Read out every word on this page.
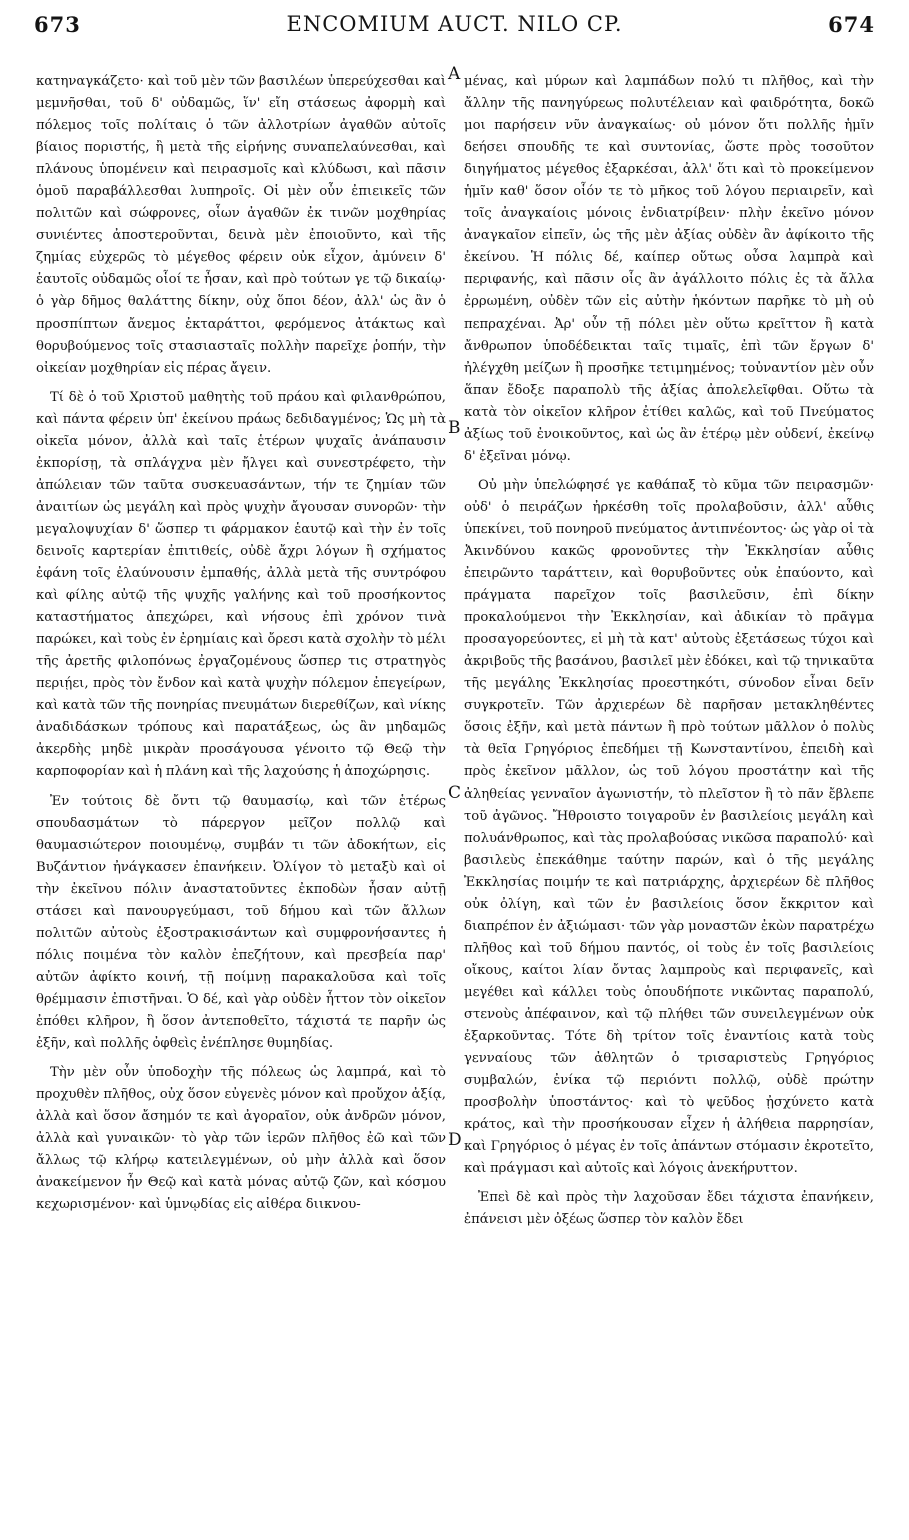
673	ENCOMIUM AUCT. NILO CP.	674

κατηναγκάζετο· καὶ τοῦ μὲν τῶν βασιλέων ὑπερεύχεσθαι καὶ μεμνῆσθαι, τοῦ δ' οὐδαμῶς, ἵν' εἴη στάσεως ἀφορμὴ καὶ πόλεμος τοῖς πολίταις ὁ τῶν ἀλλοτρίων ἀγαθῶν αὐτοῖς βίαιος ποριστής, ἢ μετὰ τῆς εἰρήνης συναπελαύνεσθαι, καὶ πλάνους ὑπομένειν καὶ πειρασμοῖς καὶ κλύδωσι, καὶ πᾶσιν ὁμοῦ παραβάλλεσθαι λυπηροῖς. Οἱ μὲν οὖν ἐπιεικεῖς τῶν πολιτῶν καὶ σώφρονες, οἷων ἀγαθῶν ἐκ τινῶν μοχθηρίας συνιέντες ἀποστεροῦνται, δεινὰ μὲν ἐποιοῦντο, καὶ τῆς ζημίας εὐχερῶς τὸ μέγεθος φέρειν οὐκ εἶχον, ἀμύνειν δ' ἑαυτοῖς οὐδαμῶς οἷοί τε ἦσαν, καὶ πρὸ τούτων γε τῷ δικαίῳ· ὁ γὰρ δῆμος θαλάττης δίκην, οὐχ ὅποι δέον, ἀλλ' ὡς ἂν ὁ προσπίπτων ἄνεμος ἐκταράττοι, φερόμενος ἀτάκτως καὶ θορυβούμενος τοῖς στασιασταῖς πολλὴν παρεῖχε ῥοπήν, τὴν οἰκείαν μοχθηρίαν εἰς πέρας ἄγειν.

Τί δὲ ὁ τοῦ Χριστοῦ μαθητὴς τοῦ πράου καὶ φιλανθρώπου, καὶ πάντα φέρειν ὑπ' ἐκείνου πράως δεδιδαγμένος; Ὡς μὴ τὰ οἰκεῖα μόνον, ἀλλὰ καὶ ταῖς ἑτέρων ψυχαῖς ἀνάπαυσιν ἐκπορίσῃ, τὰ σπλάγχνα μὲν ἤλγει καὶ συνεστρέφετο, τὴν ἀπώλειαν τῶν ταῦτα συσκευασάντων, τήν τε ζημίαν τῶν ἀναιτίων ὡς μεγάλη καὶ πρὸς ψυχὴν ἄγουσαν συνορῶν· τὴν μεγαλοψυχίαν δ' ὥσπερ τι φάρμακον ἑαυτῷ καὶ τὴν ἐν τοῖς δεινοῖς καρτερίαν ἐπιτιθείς, οὐδὲ ἄχρι λόγων ἢ σχήματος ἐφάνη τοῖς ἐλαύνουσιν ἐμπαθής, ἀλλὰ μετὰ τῆς συντρόφου καὶ φίλης αὐτῷ τῆς ψυχῆς γαλήνης καὶ τοῦ προσήκοντος καταστήματος ἀπεχώρει, καὶ νήσους ἐπὶ χρόνον τινὰ παρώκει, καὶ τοὺς ἐν ἐρημίαις καὶ ὄρεσι κατὰ σχολὴν τὸ μέλι τῆς ἀρετῆς φιλοπόνως ἐργαζομένους ὥσπερ τις στρατηγὸς περιῄει, πρὸς τὸν ἔνδον καὶ κατὰ ψυχὴν πόλεμον ἐπεγείρων, καὶ κατὰ τῶν τῆς πονηρίας πνευμάτων διερεθίζων, καὶ νίκης ἀναδιδάσκων τρόπους καὶ παρατάξεως, ὡς ἂν μηδαμῶς ἀκερδὴς μηδὲ μικρὰν προσάγουσα γένοιτο τῷ Θεῷ τὴν καρποφορίαν καὶ ἡ πλάνη καὶ τῆς λαχούσης ἡ ἀποχώρησις.

Ἐν τούτοις δὲ ὄντι τῷ θαυμασίῳ, καὶ τῶν ἑτέρως σπουδασμάτων τὸ πάρεργον μεῖζον πολλῷ καὶ θαυμασιώτερον ποιουμένῳ, συμβάν τι τῶν ἀδοκήτων, εἰς Βυζάντιον ἠνάγκασεν ἐπανήκειν. Ὀλίγον τὸ μεταξὺ καὶ οἱ τὴν ἐκεῖνου πόλιν ἀναστατοῦντες ἐκποδὼν ἦσαν αὐτῇ στάσει καὶ πανουργεύμασι, τοῦ δήμου καὶ τῶν ἄλλων πολιτῶν αὐτοὺς ἐξοστρακισάντων καὶ συμφρονήσαντες ἡ πόλις ποιμένα τὸν καλὸν ἐπεζήτουν, καὶ πρεσβεία παρ' αὐτῶν ἀφίκτο κοινή, τῇ ποίμνῃ παρακαλοῦσα καὶ τοῖς θρέμμασιν ἐπιστῆναι. Ὁ δέ, καὶ γὰρ οὐδὲν ἧττον τὸν οἰκεῖον ἐπόθει κλῆρον, ἢ ὅσον ἀντεποθεῖτο, τάχιστά τε παρῆν ὡς ἐξῆν, καὶ πολλῆς ὀφθεὶς ἐνέπλησε θυμηδίας.

Τὴν μὲν οὖν ὑποδοχὴν τῆς πόλεως ὡς λαμπρά, καὶ τὸ προχυθὲν πλῆθος, οὐχ ὅσον εὐγενὲς μόνον καὶ προὔχον ἀξίᾳ, ἀλλὰ καὶ ὅσον ἄσημόν τε καὶ ἀγοραῖον, οὐκ ἀνδρῶν μόνον, ἀλλὰ καὶ γυναικῶν· τὸ γὰρ τῶν ἱερῶν πλῆθος ἐῶ καὶ τῶν ἄλλως τῷ κλήρῳ κατειλεγμένων, οὐ μὴν ἀλλὰ καὶ ὅσον ἀνακείμενον ἦν Θεῷ καὶ κατὰ μόνας αὐτῷ ζῶν, καὶ κόσμου κεχωρισμένον· καὶ ὑμνῳδίας εἰς αἰθέρα διικνου-

μένας, καὶ μύρων καὶ λαμπάδων πολύ τι πλῆθος, καὶ τὴν ἄλλην τῆς πανηγύρεως πολυτέλειαν καὶ φαιδρότητα, δοκῶ μοι παρήσειν νῦν ἀναγκαίως· οὐ μόνον ὅτι πολλῆς ἡμῖν δεήσει σπουδῆς τε καὶ συντονίας, ὥστε πρὸς τοσοῦτον διηγήματος μέγεθος ἐξαρκέσαι, ἀλλ' ὅτι καὶ τὸ προκείμενον ἡμῖν καθ' ὅσον οἷόν τε τὸ μῆκος τοῦ λόγου περιαιρεῖν, καὶ τοῖς ἀναγκαίοις μόνοις ἐνδιατρίβειν· πλὴν ἐκεῖνο μόνον ἀναγκαῖον εἰπεῖν, ὡς τῆς μὲν ἀξίας οὐδὲν ἂν ἀφίκοιτο τῆς ἐκείνου. Ἡ πόλις δέ, καίπερ οὕτως οὖσα λαμπρὰ καὶ περιφανής, καὶ πᾶσιν οἷς ἂν ἀγάλλοιτο πόλις ἐς τὰ ἄλλα ἐρρωμένη, οὐδὲν τῶν εἰς αὐτὴν ἡκόντων παρῆκε τὸ μὴ οὐ πεπραχέναι. Ἀρ' οὖν τῇ πόλει μὲν οὕτω κρεῖττον ἢ κατὰ ἄνθρωπον ὑποδέδεικται ταῖς τιμαῖς, ἐπὶ τῶν ἔργων δ' ἠλέγχθη μείζων ἢ προσῆκε τετιμημένος; τοὐναντίον μὲν οὖν ἅπαν ἔδοξε παραπολὺ τῆς ἀξίας ἀπολελεῖφθαι. Οὕτω τὰ κατὰ τὸν οἰκεῖον κλῆρον ἐτίθει καλῶς, καὶ τοῦ Πνεύματος ἀξίως τοῦ ἐνοικοῦντος, καὶ ὡς ἂν ἑτέρῳ μὲν οὐδενί, ἐκείνῳ δ' ἐξεῖναι μόνῳ.

Οὐ μὴν ὑπελώφησέ γε καθάπαξ τὸ κῦμα τῶν πειρασμῶν· οὐδ' ὁ πειράζων ἠρκέσθη τοῖς προλαβοῦσιν, ἀλλ' αὖθις ὑπεκίνει, τοῦ πονηροῦ πνεύματος ἀντιπνέοντος· ὡς γὰρ οἱ τὰ Ἀκινδύνου κακῶς φρονοῦντες τὴν Ἐκκλησίαν αὖθις ἐπειρῶντο ταράττειν, καὶ θορυβοῦντες οὐκ ἐπαύοντο, καὶ πράγματα παρεῖχον τοῖς βασιλεῦσιν, ἐπὶ δίκην προκαλούμενοι τὴν Ἐκκλησίαν, καὶ ἀδικίαν τὸ πρᾶγμα προσαγορεύοντες, εἰ μὴ τὰ κατ' αὐτοὺς ἐξετάσεως τύχοι καὶ ἀκριβοῦς τῆς βασάνου, βασιλεῖ μὲν ἐδόκει, καὶ τῷ τηνικαῦτα τῆς μεγάλης Ἐκκλησίας προεστηκότι, σύνοδον εἶναι δεῖν συγκροτεῖν. Τῶν ἀρχιερέων δὲ παρῆσαν μετακληθέντες ὅσοις ἐξῆν, καὶ μετὰ πάντων ἢ πρὸ τούτων μᾶλλον ὁ πολὺς τὰ θεῖα Γρηγόριος ἐπεδήμει τῇ Κωνσταντίνου, ἐπειδὴ καὶ πρὸς ἐκεῖνον μᾶλλον, ὡς τοῦ λόγου προστάτην καὶ τῆς ἀληθείας γενναῖον ἀγωνιστήν, τὸ πλεῖστον ἢ τὸ πᾶν ἔβλεπε τοῦ ἀγῶνος. Ἤθροιστο τοιγαροῦν ἐν βασιλείοις μεγάλη καὶ πολυάνθρωπος, καὶ τὰς προλαβούσας νικῶσα παραπολύ· καὶ βασιλεὺς ἐπεκάθημε ταύτην παρών, καὶ ὁ τῆς μεγάλης Ἐκκλησίας ποιμήν τε καὶ πατριάρχης, ἀρχιερέων δὲ πλῆθος οὐκ ὀλίγη, καὶ τῶν ἐν βασιλείοις ὅσον ἔκκριτον καὶ διαπρέπον ἐν ἀξιώμασι· τῶν γὰρ μοναστῶν ἐκὼν παρατρέχω πλῆθος καὶ τοῦ δήμου παντός, οἱ τοὺς ἐν τοῖς βασιλείοις οἴκους, καίτοι λίαν ὄντας λαμπροὺς καὶ περιφανεῖς, καὶ μεγέθει καὶ κάλλει τοὺς ὁπουδήποτε νικῶντας παραπολύ, στενοὺς ἀπέφαινον, καὶ τῷ πλήθει τῶν συνειλεγμένων οὐκ ἐξαρκοῦντας. Τότε δὴ τρίτον τοῖς ἐναντίοις κατὰ τοὺς γενναίους τῶν ἀθλητῶν ὁ τρισαριστεὺς Γρηγόριος συμβαλών, ἐνίκα τῷ περιόντι πολλῷ, οὐδὲ πρώτην προσβολὴν ὑποστάντος· καὶ τὸ ψεῦδος ᾐσχύνετο κατὰ κράτος, καὶ τὴν προσήκουσαν εἶχεν ἡ ἀλήθεια παρρησίαν, καὶ Γρηγόριος ὁ μέγας ἐν τοῖς ἁπάντων στόμασιν ἐκροτεῖτο, καὶ πράγμασι καὶ αὐτοῖς καὶ λόγοις ἀνεκήρυττον.

Ἐπεὶ δὲ καὶ πρὸς τὴν λαχοῦσαν ἔδει τάχιστα ἐπανήκειν, ἐπάνεισι μὲν ὀξέως ὥσπερ τὸν καλὸν ἔδει

A
B
C
D
